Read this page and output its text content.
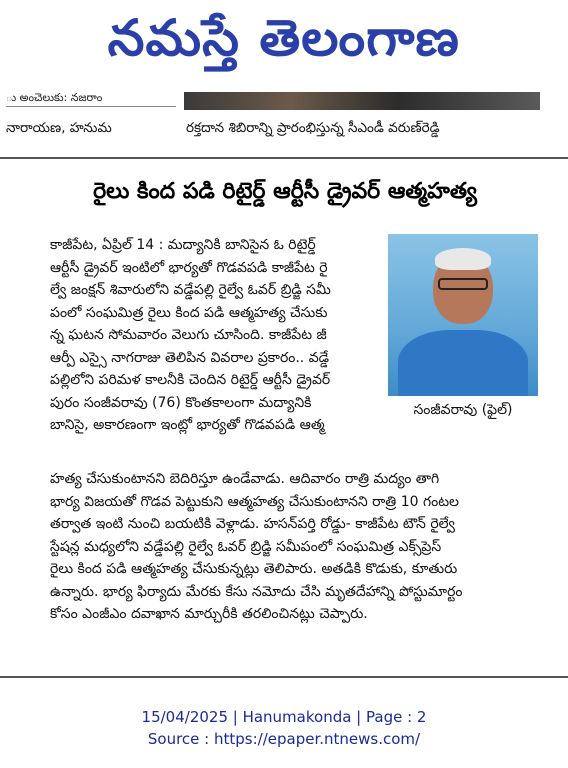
నమస్తే తెలంగాణ
ు అంచెలుకు: నజరాం
నారాయణ, హనుమ	రక్తదాన శిబిరాన్ని ప్రారంభిస్తున్న సీఎండీ వరుణ్‌రెడ్డి
రైలు కింద పడి రిటైర్డ్ ఆర్టీసీ డ్రైవర్ ఆత్మహత్య
కాజీపేట, ఏప్రిల్ 14 : మద్యానికి బానిసైన ఓ రిటైర్డ్
ఆర్టీసీ డ్రైవర్ ఇంటిలో భార్యతో గొడవపడి కాజీపేట రై
ల్వే జంక్షన్ శివారులోని వడ్డేపల్లి రైల్వే ఓవర్ బ్రిడ్జి సమీ
పంలో సంఘమిత్ర రైలు కింద పడి ఆత్మహత్య చేసుకు
న్న ఘటన సోమవారం వెలుగు చూసింది. కాజీపేట జీ
ఆర్పీ ఎస్సై నాగరాజు తెలిపిన వివరాల ప్రకారం.. వడ్డే
పల్లిలోని పరిమళ కాలనీకి చెందిన రిటైర్డ్ ఆర్టీసీ డ్రైవర్
పురం సంజీవరావు (76) కొంతకాలంగా మద్యానికి
బానిసై, అకారణంగా ఇంట్లో భార్యతో గొడవపడి ఆత్మ
సంజీవరావు (ఫైల్)
హత్య చేసుకుంటానని బెదిరిస్తూ ఉండేవాడు. ఆదివారం రాత్రి మద్యం తాగి
భార్య విజయతో గొడవ పెట్టుకుని ఆత్మహత్య చేసుకుంటానని రాత్రి 10 గంటల
తర్వాత ఇంటి నుంచి బయటికి వెళ్లాడు. హసన్‌పర్తి రోడ్డు- కాజీపేట టౌన్ రైల్వే
స్టేషన్ల మధ్యలోని వడ్డేపల్లి రైల్వే ఓవర్ బ్రిడ్జి సమీపంలో సంఘమిత్ర ఎక్స్‌ప్రెస్
రైలు కింద పడి ఆత్మహత్య చేసుకున్నట్లు తెలిపారు. అతడికి కొడుకు, కూతురు
ఉన్నారు. భార్య ఫిర్యాదు మేరకు కేసు నమోదు చేసి మృతదేహాన్ని పోస్టుమార్టం
కోసం ఎంజీఎం దవాఖాన మార్చురీకి తరలించినట్లు చెప్పారు.
15/04/2025 | Hanumakonda | Page : 2
Source : https://epaper.ntnews.com/
